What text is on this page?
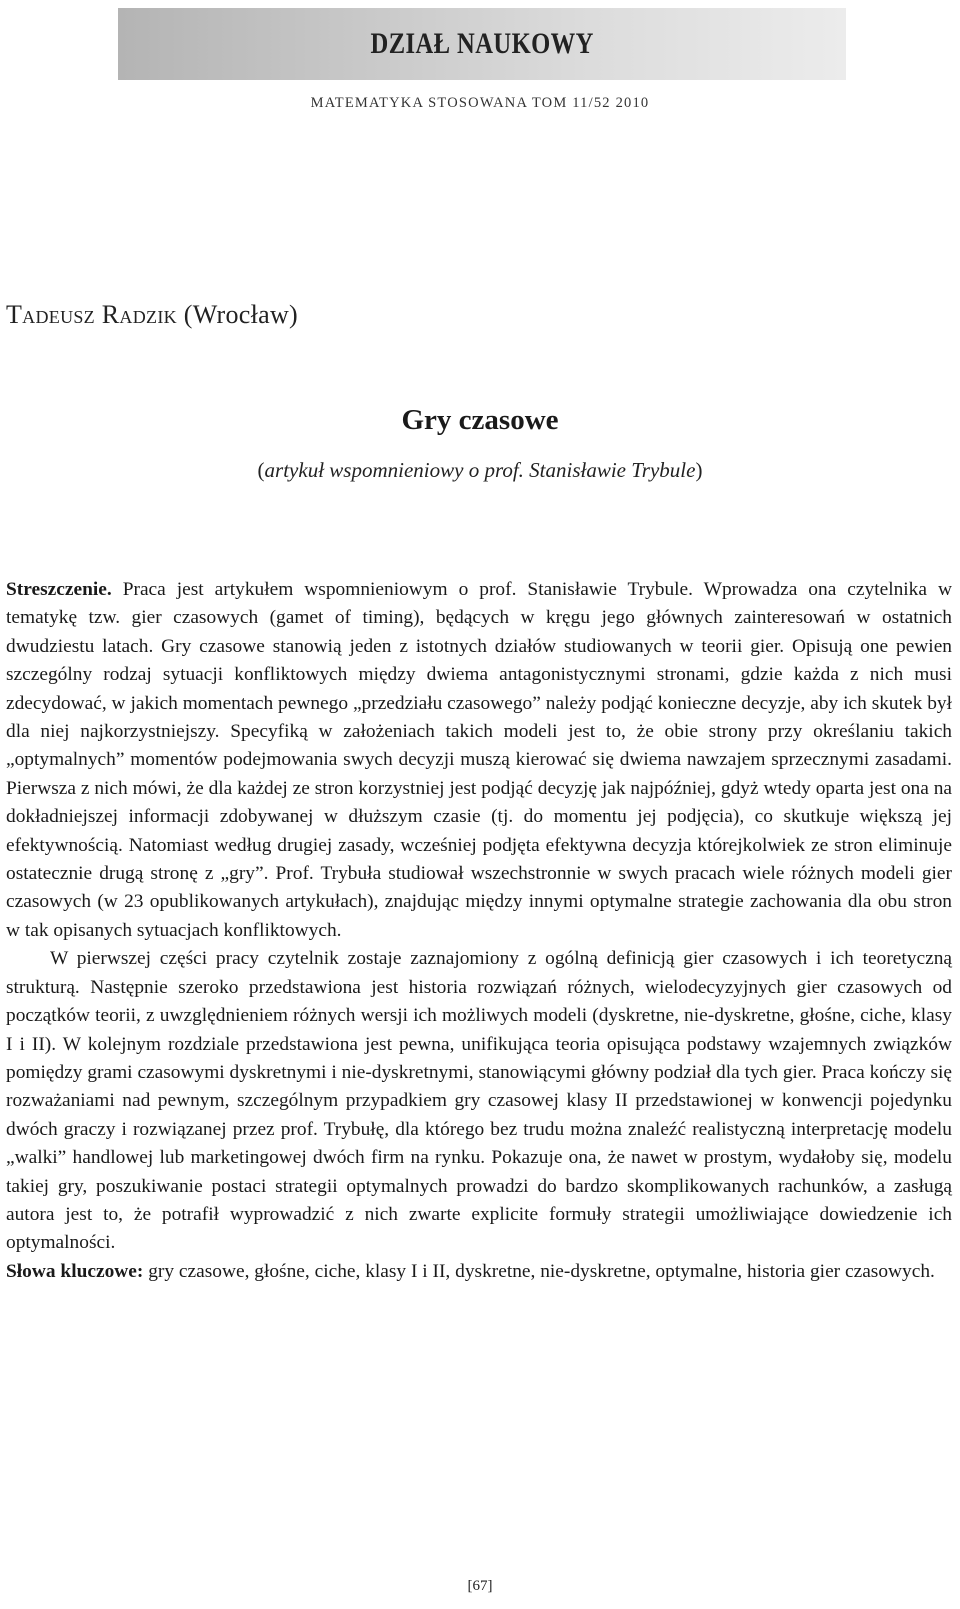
DZIAŁ NAUKOWY
MATEMATYKA STOSOWANA TOM 11/52 2010
Tadeusz Radzik (Wrocław)
Gry czasowe
(artykuł wspomnieniowy o prof. Stanisławie Trybule)

Streszczenie. Praca jest artykułem wspomnieniowym o prof. Stanisławie Trybule. Wprowadza ona czytelnika w tematykę tzw. gier czasowych (gamet of timing), będących w kręgu jego głównych zainteresowań w ostatnich dwudziestu latach. Gry czasowe stanowią jeden z istotnych działów studiowanych w teorii gier. Opisują one pewien szczególny rodzaj sytuacji konfliktowych między dwiema antagonistycznymi stronami, gdzie każda z nich musi zdecydować, w jakich momentach pewnego „przedziału czasowego” należy podjąć konieczne decyzje, aby ich skutek był dla niej najkorzystniejszy. Specyfiką w założeniach takich modeli jest to, że obie strony przy określaniu takich „optymalnych” momentów podejmowania swych decyzji muszą kierować się dwiema nawzajem sprzecznymi zasadami. Pierwsza z nich mówi, że dla każdej ze stron korzystniej jest podjąć decyzję jak najpóźniej, gdyż wtedy oparta jest ona na dokładniejszej informacji zdobywanej w dłuższym czasie (tj. do momentu jej podjęcia), co skutkuje większą jej efektywnością. Natomiast według drugiej zasady, wcześniej podjęta efektywna decyzja którejkolwiek ze stron eliminuje ostatecznie drugą stronę z „gry”. Prof. Trybuła studiował wszechstronnie w swych pracach wiele różnych modeli gier czasowych (w 23 opublikowanych artykułach), znajdując między innymi optymalne strategie zachowania dla obu stron w tak opisanych sytuacjach konfliktowych.

W pierwszej części pracy czytelnik zostaje zaznajomiony z ogólną definicją gier czasowych i ich teoretyczną strukturą. Następnie szeroko przedstawiona jest historia rozwiązań różnych, wielodecyzyjnych gier czasowych od początków teorii, z uwzględnieniem różnych wersji ich możliwych modeli (dyskretne, nie-dyskretne, głośne, ciche, klasy I i II). W kolejnym rozdziale przedstawiona jest pewna, unifikująca teoria opisująca podstawy wzajemnych związków pomiędzy grami czasowymi dyskretnymi i nie-dyskretnymi, stanowiącymi główny podział dla tych gier. Praca kończy się rozważaniami nad pewnym, szczególnym przypadkiem gry czasowej klasy II przedstawionej w konwencji pojedynku dwóch graczy i rozwiązanej przez prof. Trybułę, dla którego bez trudu można znaleźć realistyczną interpretację modelu „walki” handlowej lub marketingowej dwóch firm na rynku. Pokazuje ona, że nawet w prostym, wydałoby się, modelu takiej gry, poszukiwanie postaci strategii optymalnych prowadzi do bardzo skomplikowanych rachunków, a zasługą autora jest to, że potrafił wyprowadzić z nich zwarte explicite formuły strategii umożliwiające dowiedzenie ich optymalności.

Słowa kluczowe: gry czasowe, głośne, ciche, klasy I i II, dyskretne, nie-dyskretne, optymalne, historia gier czasowych.

[67]
